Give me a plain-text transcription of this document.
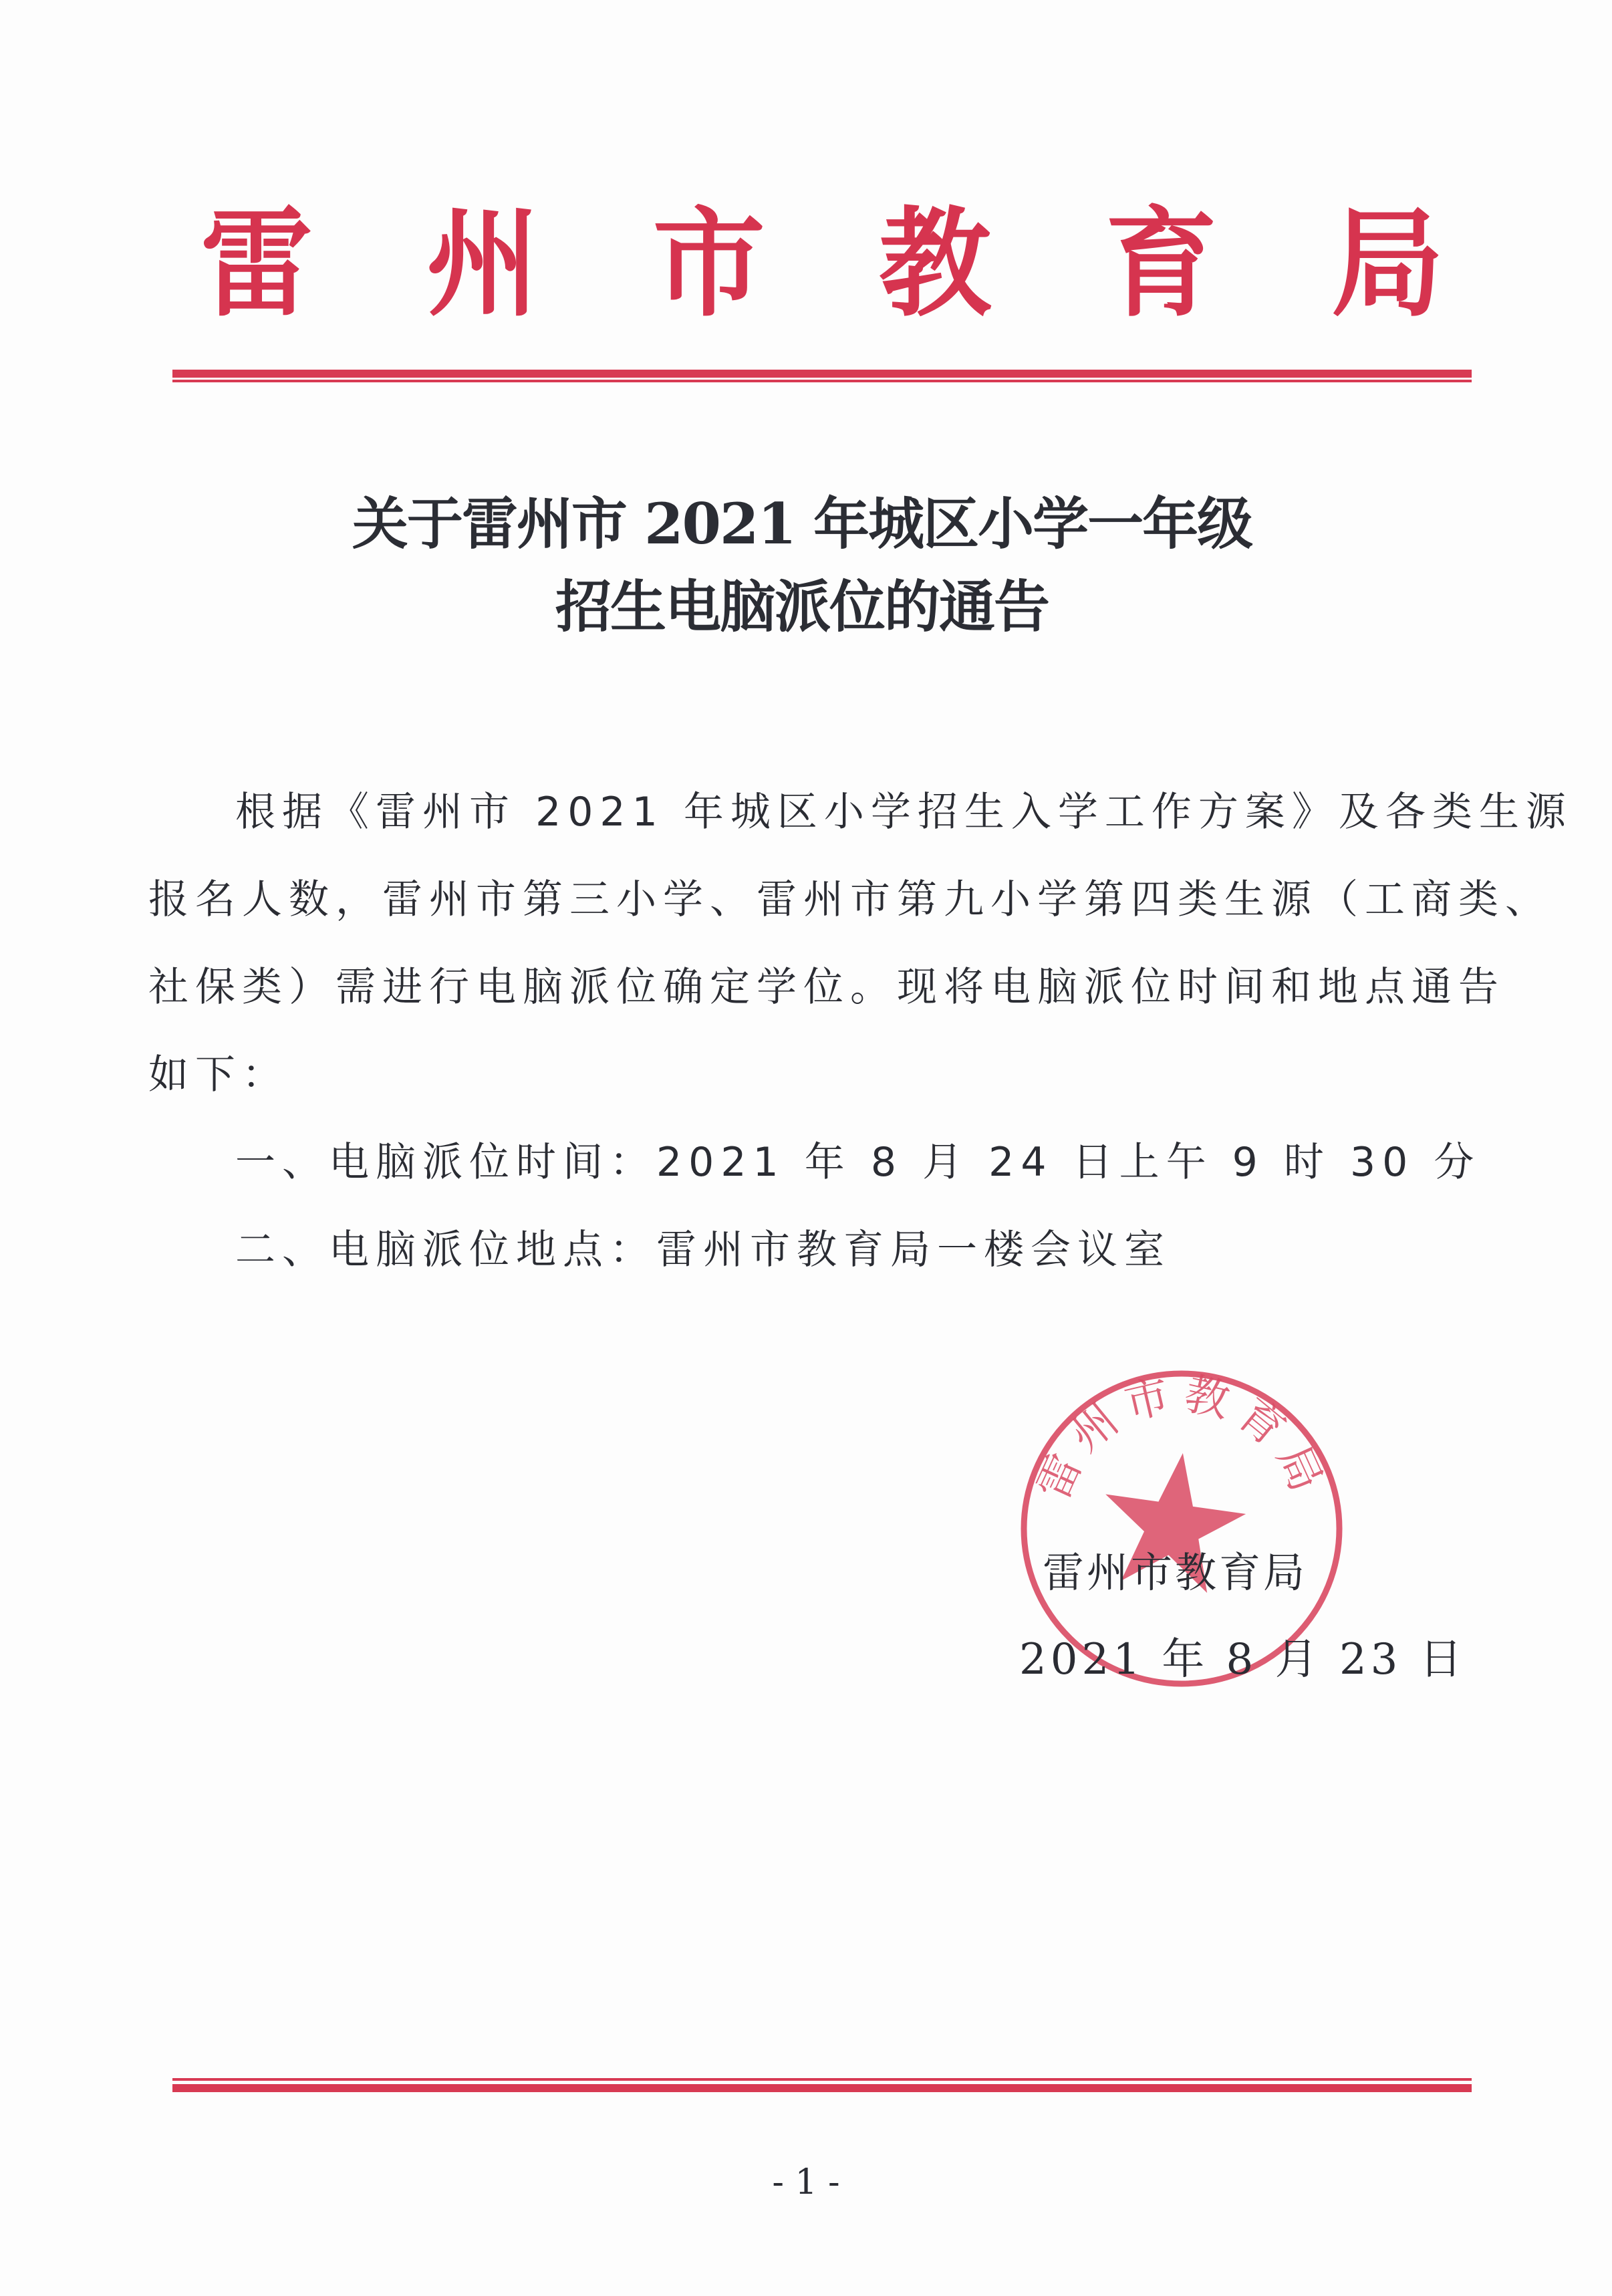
雷 州 市 教 育 局
关于雷州市 2021 年城区小学一年级
招生电脑派位的通告
根据《雷州市 2021 年城区小学招生入学工作方案》及各类生源
报名人数，雷州市第三小学、雷州市第九小学第四类生源（工商类、
社保类）需进行电脑派位确定学位。现将电脑派位时间和地点通告
如下：
一、电脑派位时间：2021 年 8 月 24 日上午 9 时 30 分
二、电脑派位地点：雷州市教育局一楼会议室
雷州市教育局
雷州市教育局
2021 年 8 月 23 日
- 1 -
